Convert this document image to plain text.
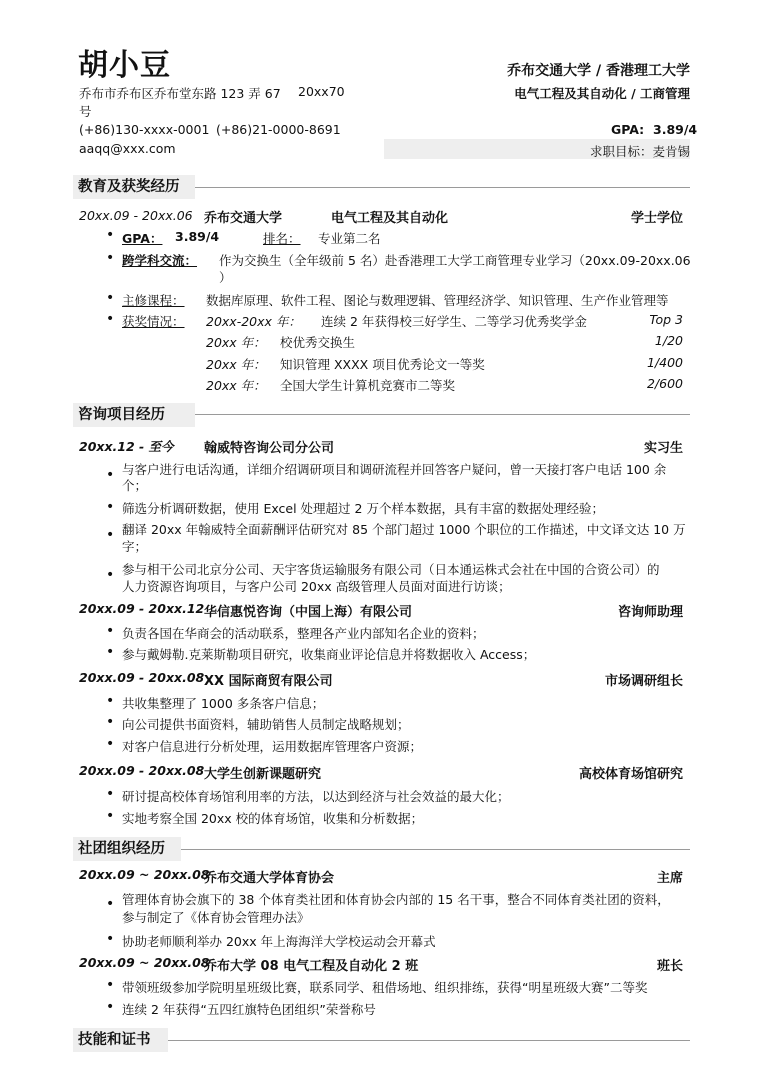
胡小豆
乔布市乔布区乔布堂东路 123 弄 67 20xx70
号
(+86)130-xxxx-0001 (+86)21-0000-8691
aaqq@xxx.com
乔布交通大学 / 香港理工大学
电气工程及其自动化 / 工商管理
GPA: 3.89/4
求职目标：麦肯锡
教育及获奖经历
20xx.09 - 20xx.06 乔布交通大学	电气工程及其自动化	学士学位
• GPA： 3.89/4	排名： 专业第二名
• 跨学科交流： 作为交换生（全年级前 5 名）赴香港理工大学工商管理专业学习（20xx.09-20xx.06
）
• 主修课程： 数据库原理、软件工程、图论与数理逻辑、管理经济学、知识管理、生产作业管理等
• 获奖情况： 20xx-20xx 年： 连续 2 年获得校三好学生、二等学习优秀奖学金	Top 3
20xx 年： 校优秀交换生	1/20
20xx 年： 知识管理 XXXX 项目优秀论文一等奖	1/400
20xx 年： 全国大学生计算机竞赛市二等奖	2/600
咨询项目经历
20xx.12 - 至今 翰威特咨询公司分公司	实习生
• 与客户进行电话沟通，详细介绍调研项目和调研流程并回答客户疑问，曾一天接打客户电话 100 余
个；
• 筛选分析调研数据，使用 Excel 处理超过 2 万个样本数据，具有丰富的数据处理经验；
• 翻译 20xx 年翰威特全面薪酬评估研究对 85 个部门超过 1000 个职位的工作描述，中文译文达 10 万
字；
• 参与相干公司北京分公司、天宇客货运输服务有限公司（日本通运株式会社在中国的合资公司）的
人力资源咨询项目，与客户公司 20xx 高级管理人员面对面进行访谈；
20xx.09 - 20xx.12 华信惠悦咨询（中国上海）有限公司	咨询师助理
• 负责各国在华商会的活动联系，整理各产业内部知名企业的资料；
• 参与戴姆勒.克莱斯勒项目研究，收集商业评论信息并将数据收入 Access；
20xx.09 - 20xx.08 XX 国际商贸有限公司	市场调研组长
• 共收集整理了 1000 多条客户信息；
• 向公司提供书面资料，辅助销售人员制定战略规划；
• 对客户信息进行分析处理，运用数据库管理客户资源；
20xx.09 - 20xx.08 大学生创新课题研究	高校体育场馆研究
• 研讨提高校体育场馆利用率的方法，以达到经济与社会效益的最大化；
• 实地考察全国 20xx 校的体育场馆，收集和分析数据；
社团组织经历
20xx.09 ~ 20xx.08
乔布交通大学体育协会	主席
• 管理体育协会旗下的 38 个体育类社团和体育协会内部的 15 名干事，整合不同体育类社团的资料，
参与制定了《体育协会管理办法》
• 协助老师顺利举办 20xx 年上海海洋大学校运动会开幕式
20xx.09 ~ 20xx.08
乔布大学 08 电气工程及自动化 2 班	班长
• 带领班级参加学院明星班级比赛，联系同学、租借场地、组织排练，获得“明星班级大赛”二等奖
• 连续 2 年获得“五四红旗特色团组织”荣誉称号
技能和证书
